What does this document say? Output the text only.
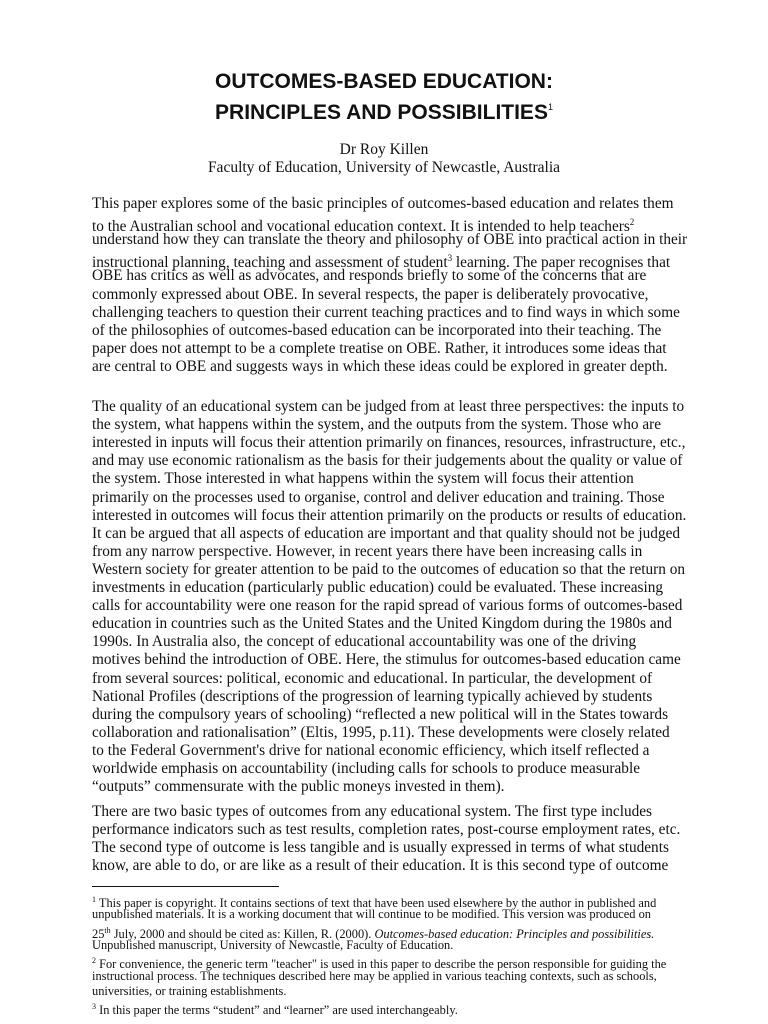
OUTCOMES-BASED EDUCATION:
PRINCIPLES AND POSSIBILITIES$^1$
Dr Roy Killen
Faculty of Education, University of Newcastle, Australia
This paper explores some of the basic principles of outcomes-based education and relates them
to the Australian school and vocational education context. It is intended to help teachers$^2$
understand how they can translate the theory and philosophy of OBE into practical action in their
instructional planning, teaching and assessment of student$^3$ learning. The paper recognises that
OBE has critics as well as advocates, and responds briefly to some of the concerns that are
commonly expressed about OBE. In several respects, the paper is deliberately provocative,
challenging teachers to question their current teaching practices and to find ways in which some
of the philosophies of outcomes-based education can be incorporated into their teaching. The
paper does not attempt to be a complete treatise on OBE. Rather, it introduces some ideas that
are central to OBE and suggests ways in which these ideas could be explored in greater depth.
The quality of an educational system can be judged from at least three perspectives: the inputs to
the system, what happens within the system, and the outputs from the system. Those who are
interested in inputs will focus their attention primarily on finances, resources, infrastructure, etc.,
and may use economic rationalism as the basis for their judgements about the quality or value of
the system. Those interested in what happens within the system will focus their attention
primarily on the processes used to organise, control and deliver education and training. Those
interested in outcomes will focus their attention primarily on the products or results of education.
It can be argued that all aspects of education are important and that quality should not be judged
from any narrow perspective. However, in recent years there have been increasing calls in
Western society for greater attention to be paid to the outcomes of education so that the return on
investments in education (particularly public education) could be evaluated. These increasing
calls for accountability were one reason for the rapid spread of various forms of outcomes-based
education in countries such as the United States and the United Kingdom during the 1980s and
1990s. In Australia also, the concept of educational accountability was one of the driving
motives behind the introduction of OBE. Here, the stimulus for outcomes-based education came
from several sources: political, economic and educational. In particular, the development of
National Profiles (descriptions of the progression of learning typically achieved by students
during the compulsory years of schooling) “reflected a new political will in the States towards
collaboration and rationalisation” (Eltis, 1995, p.11). These developments were closely related
to the Federal Government's drive for national economic efficiency, which itself reflected a
worldwide emphasis on accountability (including calls for schools to produce measurable
“outputs” commensurate with the public moneys invested in them).
There are two basic types of outcomes from any educational system. The first type includes
performance indicators such as test results, completion rates, post-course employment rates, etc.
The second type of outcome is less tangible and is usually expressed in terms of what students
know, are able to do, or are like as a result of their education. It is this second type of outcome
$^1$ This paper is copyright. It contains sections of text that have been used elsewhere by the author in published and
unpublished materials. It is a working document that will continue to be modified. This version was produced on
25th July, 2000 and should be cited as: Killen, R. (2000). Outcomes-based education: Principles and possibilities.
Unpublished manuscript, University of Newcastle, Faculty of Education.
$^2$ For convenience, the generic term "teacher" is used in this paper to describe the person responsible for guiding the
instructional process. The techniques described here may be applied in various teaching contexts, such as schools,
universities, or training establishments.
$^3$ In this paper the terms “student” and “learner” are used interchangeably.
